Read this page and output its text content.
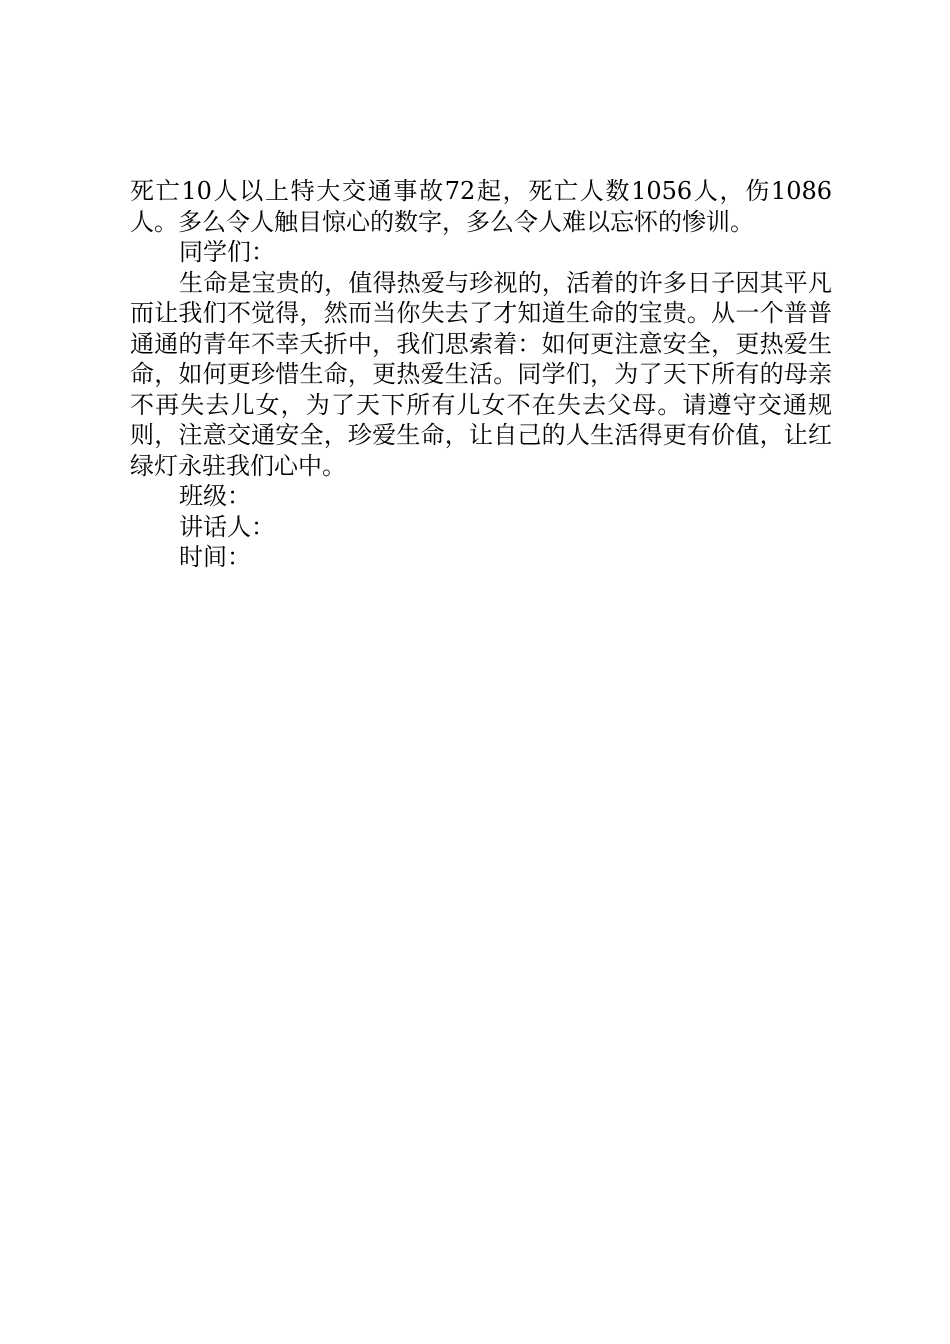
死亡10人以上特大交通事故72起，死亡人数1056人，伤1086人。多么令人触目惊心的数字，多么令人难以忘怀的惨训。

同学们：

生命是宝贵的，值得热爱与珍视的，活着的许多日子因其平凡而让我们不觉得，然而当你失去了才知道生命的宝贵。从一个普普通通的青年不幸夭折中，我们思索着：如何更注意安全，更热爱生命，如何更珍惜生命，更热爱生活。同学们，为了天下所有的母亲不再失去儿女，为了天下所有儿女不在失去父母。请遵守交通规则，注意交通安全，珍爱生命，让自己的人生活得更有价值，让红绿灯永驻我们心中。

班级：

讲话人：

时间：
